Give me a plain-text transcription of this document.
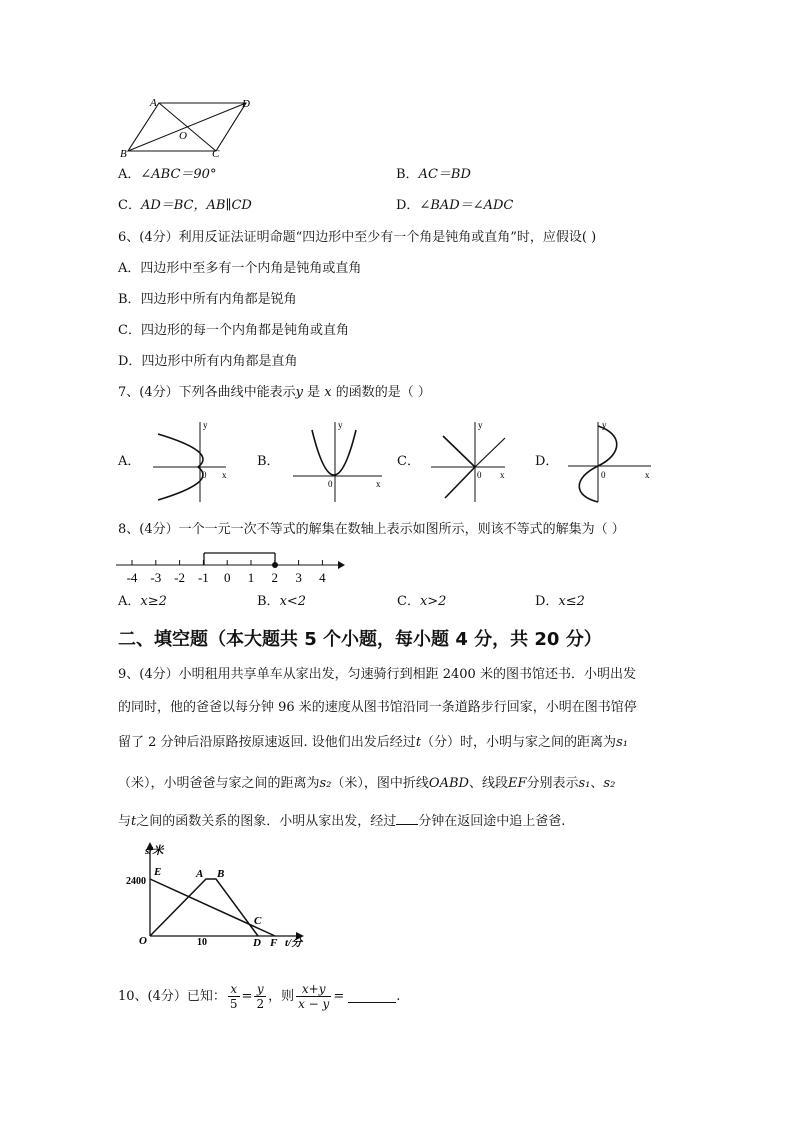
A	D
O
B	C
A．∠ABC＝90°	B．AC＝BD
C．AD＝BC，AB∥CD	D．∠BAD＝∠ADC
6、(4分）利用反证法证明命题“四边形中至少有一个角是钝角或直角”时，应假设( )
A．四边形中至多有一个内角是钝角或直角
B．四边形中所有内角都是锐角
C．四边形的每一个内角都是钝角或直角
D．四边形中所有内角都是直角
7、(4分）下列各曲线中能表示y 是 x 的函数的是（ ）
A．	B．	C．	D．
y
x
0
y
x
0
y
x
0
y
x
0
8、(4分）一个一元一次不等式的解集在数轴上表示如图所示，则该不等式的解集为（ ）
-4 -3 -2 -1 0 1 2 3 4
A．x≥2	B．x<2	C．x>2	D．x≤2
二、填空题（本大题共 5 个小题，每小题 4 分，共 20 分）
9、(4分）小明租用共享单车从家出发，匀速骑行到相距 2400 米的图书馆还书．小明出发
的同时，他的爸爸以每分钟 96 米的速度从图书馆沿同一条道路步行回家，小明在图书馆停
留了 2 分钟后沿原路按原速返回. 设他们出发后经过t（分）时，小明与家之间的距离为s₁
（米），小明爸爸与家之间的距离为s₂（米），图中折线OABD、线段EF分别表示s₁、s₂
与t之间的函数关系的图象．小明从家出发，经过 分钟在返回途中追上爸爸.
s/米
2400
E	A B
C
O	10	D F t/分
10、(4分）已知： $\frac{x}{5} = \frac{y}{2}$ ，则 $\frac{x+y}{x - y}$ =	.
